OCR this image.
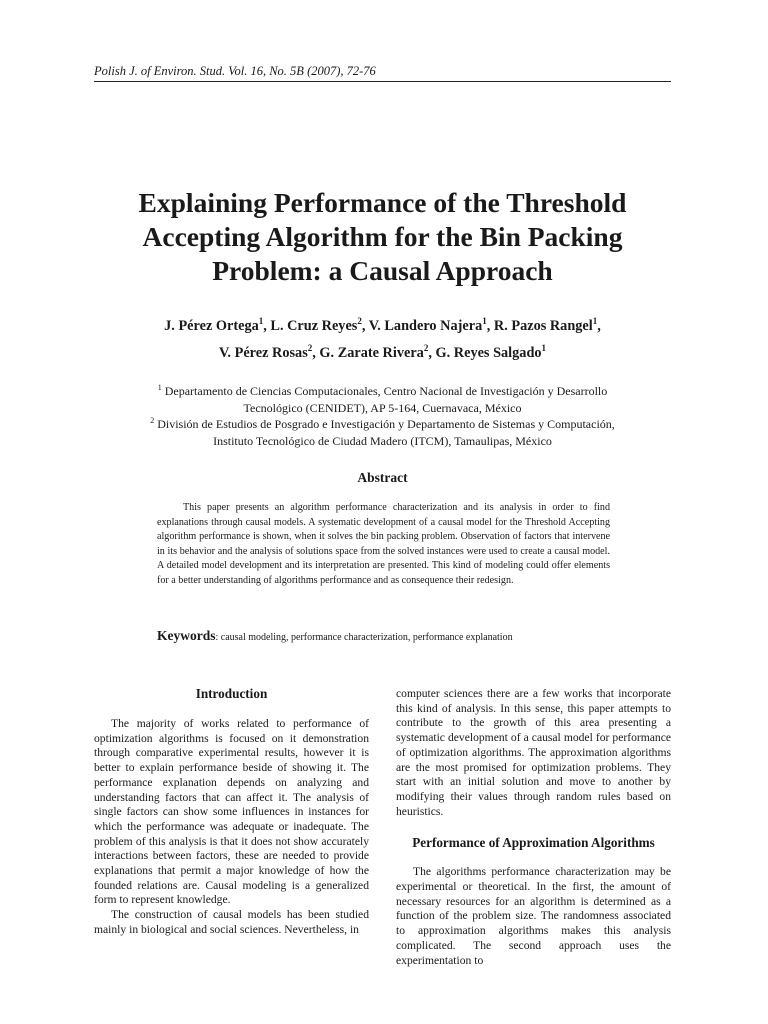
Polish J. of Environ. Stud. Vol. 16, No. 5B (2007), 72-76
Explaining Performance of the Threshold
Accepting Algorithm for the Bin Packing
Problem: a Causal Approach
J. Pérez Ortega$^1$, L. Cruz Reyes$^2$, V. Landero Najera$^1$, R. Pazos Rangel$^1$,
V. Pérez Rosas$^2$, G. Zarate Rivera$^2$, G. Reyes Salgado$^1$
$^1$ Departamento de Ciencias Computacionales, Centro Nacional de Investigación y Desarrollo
Tecnológico (CENIDET), AP 5-164, Cuernavaca, México
$^2$ División de Estudios de Posgrado e Investigación y Departamento de Sistemas y Computación,
Instituto Tecnológico de Ciudad Madero (ITCM), Tamaulipas, México
Abstract

This paper presents an algorithm performance characterization and its analysis in order to find explanations through causal models. A systematic development of a causal model for the Threshold Accepting algorithm performance is shown, when it solves the bin packing problem. Observation of factors that intervene in its behavior and the analysis of solutions space from the solved instances were used to create a causal model. A detailed model development and its interpretation are presented. This kind of modeling could offer elements for a better understanding of algorithms performance and as consequence their redesign.

Keywords: causal modeling, performance characterization, performance explanation
Introduction

The majority of works related to performance of optimization algorithms is focused on it demonstration through comparative experimental results, however it is better to explain performance beside of showing it. The performance explanation depends on analyzing and understanding factors that can affect it. The analysis of single factors can show some influences in instances for which the performance was adequate or inadequate. The problem of this analysis is that it does not show accurately interactions between factors, these are needed to provide explanations that permit a major knowledge of how the founded relations are. Causal modeling is a generalized form to represent knowledge.

The construction of causal models has been studied mainly in biological and social sciences. Nevertheless, in

computer sciences there are a few works that incorporate this kind of analysis. In this sense, this paper attempts to contribute to the growth of this area presenting a systematic development of a causal model for performance of optimization algorithms. The approximation algorithms are the most promised for optimization problems. They start with an initial solution and move to another by modifying their values through random rules based on heuristics.

Performance of Approximation Algorithms

The algorithms performance characterization may be experimental or theoretical. In the first, the amount of necessary resources for an algorithm is determined as a function of the problem size. The randomness associated to approximation algorithms makes this analysis complicated. The second approach uses the experimentation to
